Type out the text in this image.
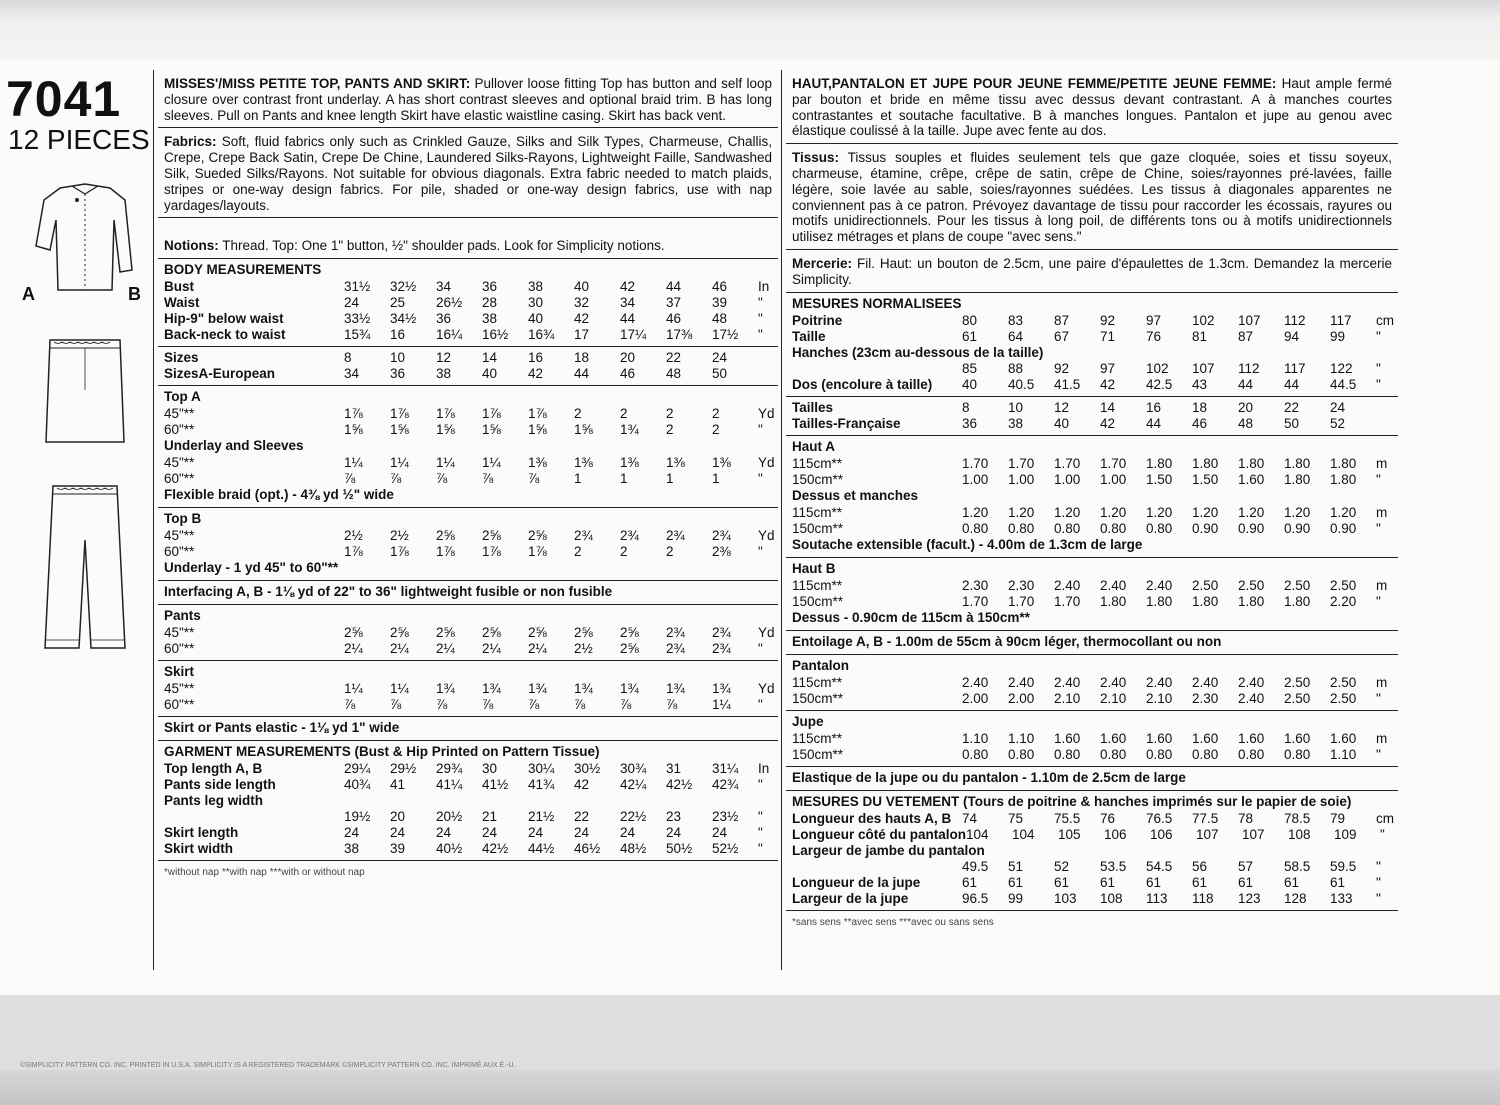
7041
12 PIECES
A	B
MISSES'/MISS PETITE TOP, PANTS AND SKIRT: Pullover loose fitting Top has button and self loop closure over contrast front underlay. A has short contrast sleeves and optional braid trim. B has long sleeves. Pull on Pants and knee length Skirt have elastic waistline casing. Skirt has back vent.
Fabrics: Soft, fluid fabrics only such as Crinkled Gauze, Silks and Silk Types, Charmeuse, Challis, Crepe, Crepe Back Satin, Crepe De Chine, Laundered Silks-Rayons, Lightweight Faille, Sandwashed Silk, Sueded Silks/Rayons. Not suitable for obvious diagonals. Extra fabric needed to match plaids, stripes or one-way design fabrics. For pile, shaded or one-way design fabrics, use with nap yardages/layouts.
Notions: Thread. Top: One 1" button, ½" shoulder pads. Look for Simplicity notions.
BODY MEASUREMENTS
Bust	31½	32½	34	36	38	40	42	44	46	In
Waist	24	25	26½	28	30	32	34	37	39	"
Hip-9" below waist	33½	34½	36	38	40	42	44	46	48	"
Back-neck to waist	15¾	16	16¼	16½	16¾	17	17¼	17⅜	17½	"
Sizes	8	10	12	14	16	18	20	22	24
SizesA-European	34	36	38	40	42	44	46	48	50
Top A
45"**	1⅞	1⅞	1⅞	1⅞	1⅞	2	2	2	2	Yd
60"**	1⅝	1⅝	1⅝	1⅝	1⅝	1⅝	1¾	2	2	"
Underlay and Sleeves
45"**	1¼	1¼	1¼	1¼	1⅜	1⅜	1⅜	1⅜	1⅜	Yd
60"**	⅞	⅞	⅞	⅞	⅞	1	1	1	1	"
Flexible braid (opt.) - 4⅜ yd ½" wide
Top B
45"**	2½	2½	2⅝	2⅝	2⅝	2¾	2¾	2¾	2¾	Yd
60"**	1⅞	1⅞	1⅞	1⅞	1⅞	2	2	2	2⅜	"
Underlay - 1 yd 45" to 60"**
Interfacing A, B - 1⅛ yd of 22" to 36" lightweight fusible or non fusible
Pants
45"**	2⅝	2⅝	2⅝	2⅝	2⅝	2⅝	2⅝	2¾	2¾	Yd
60"**	2¼	2¼	2¼	2¼	2¼	2½	2⅝	2¾	2¾	"
Skirt
45"**	1¼	1¼	1¾	1¾	1¾	1¾	1¾	1¾	1¾	Yd
60"**	⅞	⅞	⅞	⅞	⅞	⅞	⅞	⅞	1¼	"
Skirt or Pants elastic - 1⅛ yd 1" wide
GARMENT MEASUREMENTS (Bust & Hip Printed on Pattern Tissue)
Top length A, B	29¼	29½	29¾	30	30¼	30½	30¾	31	31¼	In
Pants side length	40¾	41	41¼	41½	41¾	42	42¼	42½	42¾	"
Pants leg width
19½	20	20½	21	21½	22	22½	23	23½	"
Skirt length	24	24	24	24	24	24	24	24	24	"
Skirt width	38	39	40½	42½	44½	46½	48½	50½	52½	"
*without nap **with nap ***with or without nap
HAUT,PANTALON ET JUPE POUR JEUNE FEMME/PETITE JEUNE FEMME: Haut ample fermé par bouton et bride en même tissu avec dessus devant contrastant. A à manches courtes contrastantes et soutache facultative. B à manches longues. Pantalon et jupe au genou avec élastique coulissé à la taille. Jupe avec fente au dos.
Tissus: Tissus souples et fluides seulement tels que gaze cloquée, soies et tissu soyeux, charmeuse, étamine, crêpe, crêpe de satin, crêpe de Chine, soies/rayonnes pré-lavées, faille légère, soie lavée au sable, soies/rayonnes suédées. Les tissus à diagonales apparentes ne conviennent pas à ce patron. Prévoyez davantage de tissu pour raccorder les écossais, rayures ou motifs unidirectionnels. Pour les tissus à long poil, de différents tons ou à motifs unidirectionnels utilisez métrages et plans de coupe "avec sens."
Mercerie: Fil. Haut: un bouton de 2.5cm, une paire d'épaulettes de 1.3cm. Demandez la mercerie Simplicity.
MESURES NORMALISEES
Poitrine	80	83	87	92	97	102	107	112	117	cm
Taille	61	64	67	71	76	81	87	94	99	"
Hanches (23cm au-dessous de la taille)
85	88	92	97	102	107	112	117	122	"
Dos (encolure à taille) 40	40.5	41.5	42	42.5	43	44	44	44.5	"
Tailles	8	10	12	14	16	18	20	22	24
Tailles-Française	36	38	40	42	44	46	48	50	52
Haut A
115cm**	1.70	1.70	1.70	1.70	1.80	1.80	1.80	1.80	1.80	m
150cm**	1.00	1.00	1.00	1.00	1.50	1.50	1.60	1.80	1.80	"
Dessus et manches
115cm**	1.20	1.20	1.20	1.20	1.20	1.20	1.20	1.20	1.20	m
150cm**	0.80	0.80	0.80	0.80	0.80	0.90	0.90	0.90	0.90	"
Soutache extensible (facult.) - 4.00m de 1.3cm de large
Haut B
115cm**	2.30	2.30	2.40	2.40	2.40	2.50	2.50	2.50	2.50	m
150cm**	1.70	1.70	1.70	1.80	1.80	1.80	1.80	1.80	2.20	"
Dessus - 0.90cm de 115cm à 150cm**
Entoilage A, B - 1.00m de 55cm à 90cm léger, thermocollant ou non
Pantalon
115cm**	2.40	2.40	2.40	2.40	2.40	2.40	2.40	2.50	2.50	m
150cm**	2.00	2.00	2.10	2.10	2.10	2.30	2.40	2.50	2.50	"
Jupe
115cm**	1.10	1.10	1.60	1.60	1.60	1.60	1.60	1.60	1.60	m
150cm**	0.80	0.80	0.80	0.80	0.80	0.80	0.80	0.80	1.10	"
Elastique de la jupe ou du pantalon - 1.10m de 2.5cm de large
MESURES DU VETEMENT (Tours de poitrine & hanches imprimés sur le papier de soie)
Longueur des hauts A, B 74	75	75.5	76	76.5	77.5	78	78.5	79	cm
Longueur côté du pantalon 104	104	105	106	106	107	107	108	109	"
Largeur de jambe du pantalon
49.5	51	52	53.5	54.5	56	57	58.5	59.5	"
Longueur de la jupe	61	61	61	61	61	61	61	61	61	"
Largeur de la jupe	96.5	99	103	108	113	118	123	128	133	"
*sans sens **avec sens ***avec ou sans sens
©SIMPLICITY PATTERN CO. INC. PRINTED IN U.S.A. SIMPLICITY IS A REGISTERED TRADEMARK ©SIMPLICITY PATTERN CO. INC. IMPRIMÉ AUX É.-U.
